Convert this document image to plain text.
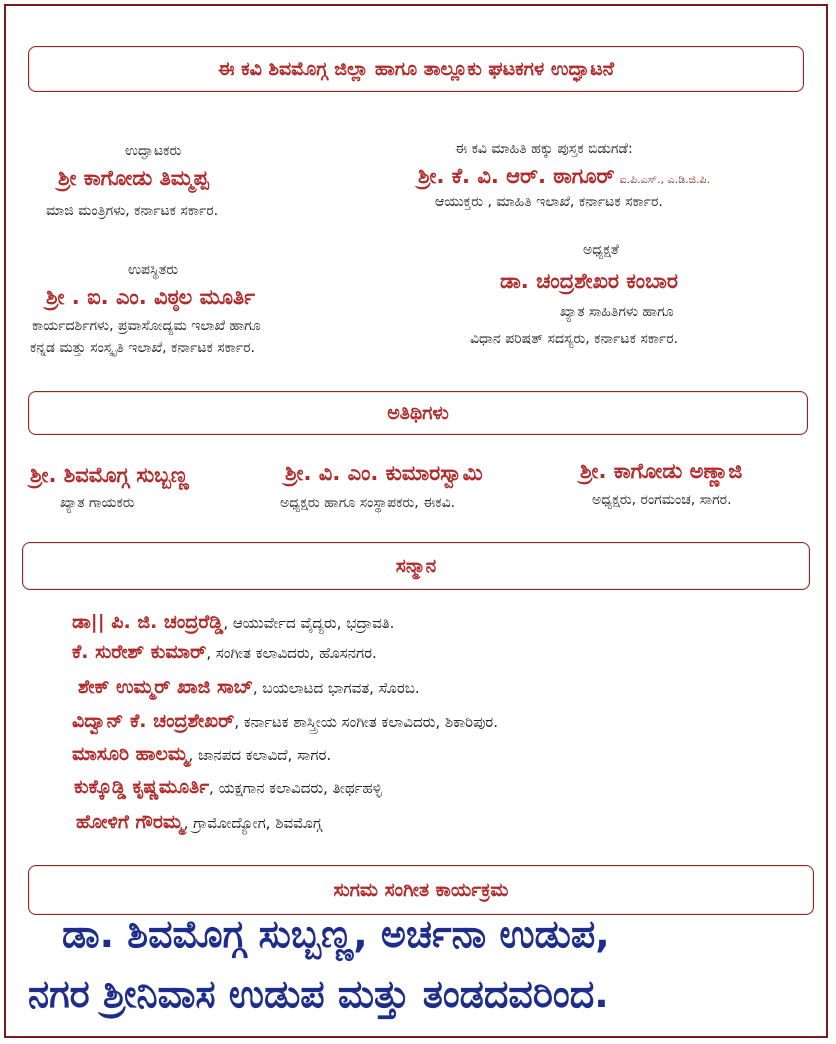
ಈ ಕವಿ ಶಿವಮೊಗ್ಗ ಜಿಲ್ಲಾ ಹಾಗೂ ತಾಲ್ಲೂಕು ಘಟಕಗಳ ಉದ್ಘಾಟನೆ
ಉದ್ಘಾಟಕರು
ಶ್ರೀ ಕಾಗೋಡು ತಿಮ್ಮಪ್ಪ
ಮಾಜಿ ಮಂತ್ರಿಗಳು, ಕರ್ನಾಟಕ ಸರ್ಕಾರ.
ಈ ಕವಿ ಮಾಹಿತಿ ಹಕ್ಕು ಪುಸ್ತಕ ಬಿಡುಗಡೆ:
ಶ್ರೀ. ಕೆ. ವಿ. ಆರ್. ಠಾಗೂರ್ ಐ.ಪಿ.ಎಸ್., ಎ.ಡಿ.ಜಿ.ಪಿ.
ಆಯುಕ್ತರು , ಮಾಹಿತಿ ಇಲಾಖೆ, ಕರ್ನಾಟಕ ಸರ್ಕಾರ.
ಉಪಸ್ಥಿತರು
ಶ್ರೀ . ಐ. ಎಂ. ವಿಠ್ಠಲ ಮೂರ್ತಿ
ಕಾರ್ಯದರ್ಶಿಗಳು, ಪ್ರವಾಸೋದ್ಯಮ ಇಲಾಖೆ ಹಾಗೂ
ಕನ್ನಡ ಮತ್ತು ಸಂಸ್ಕೃತಿ ಇಲಾಖೆ, ಕರ್ನಾಟಕ ಸರ್ಕಾರ.
ಅಧ್ಯಕ್ಷತೆ
ಡಾ. ಚಂದ್ರಶೇಖರ ಕಂಬಾರ
ಖ್ಯಾತ ಸಾಹಿತಿಗಳು ಹಾಗೂ
ವಿಧಾನ ಪರಿಷತ್ ಸದಸ್ಯರು, ಕರ್ನಾಟಕ ಸರ್ಕಾರ.
ಅತಿಥಿಗಳು
ಶ್ರೀ. ಶಿವಮೊಗ್ಗ ಸುಬ್ಬಣ್ಣ
ಖ್ಯಾತ ಗಾಯಕರು
ಶ್ರೀ. ವಿ. ಎಂ. ಕುಮಾರಸ್ವಾಮಿ
ಅಧ್ಯಕ್ಷರು ಹಾಗೂ ಸಂಸ್ಥಾಪಕರು, ಈಕವಿ.
ಶ್ರೀ. ಕಾಗೋಡು ಅಣ್ಣಾಜಿ
ಅಧ್ಯಕ್ಷರು, ರಂಗಮಂಚ, ಸಾಗರ.
ಸನ್ಮಾನ
ಡಾ|| ಪಿ. ಜಿ. ಚಂದ್ರರೆಡ್ಡಿ, ಆಯುರ್ವೇದ ವೈದ್ಯರು, ಭದ್ರಾವತಿ.
ಕೆ. ಸುರೇಶ್ ಕುಮಾರ್, ಸಂಗೀತ ಕಲಾವಿದರು, ಹೊಸನಗರ.
ಶೇಕ್ ಉಮ್ಮರ್ ಖಾಜಿ ಸಾಬ್, ಬಯಲಾಟದ ಭಾಗವತ, ಸೊರಬ.
ವಿದ್ವಾನ್ ಕೆ. ಚಂದ್ರಶೇಖರ್, ಕರ್ನಾಟಕ ಶಾಸ್ತ್ರೀಯ ಸಂಗೀತ ಕಲಾವಿದರು, ಶಿಕಾರಿಪುರ.
ಮಾಸೂರಿ ಹಾಲಮ್ಮ, ಜಾನಪದ ಕಲಾವಿದೆ, ಸಾಗರ.
ಕುಕ್ಕೊಡ್ಡಿ ಕೃಷ್ಣಮೂರ್ತಿ, ಯಕ್ಷಗಾನ ಕಲಾವಿದರು, ತೀರ್ಥಹಳ್ಳಿ
ಹೋಳಿಗೆ ಗೌರಮ್ಮ, ಗ್ರಾಮೋದ್ಯೋಗ, ಶಿವಮೊಗ್ಗ
ಸುಗಮ ಸಂಗೀತ ಕಾರ್ಯಕ್ರಮ
ಡಾ. ಶಿವಮೊಗ್ಗ ಸುಬ್ಬಣ್ಣ, ಅರ್ಚನಾ ಉಡುಪ,
ನಗರ ಶ್ರೀನಿವಾಸ ಉಡುಪ ಮತ್ತು ತಂಡದವರಿಂದ.
